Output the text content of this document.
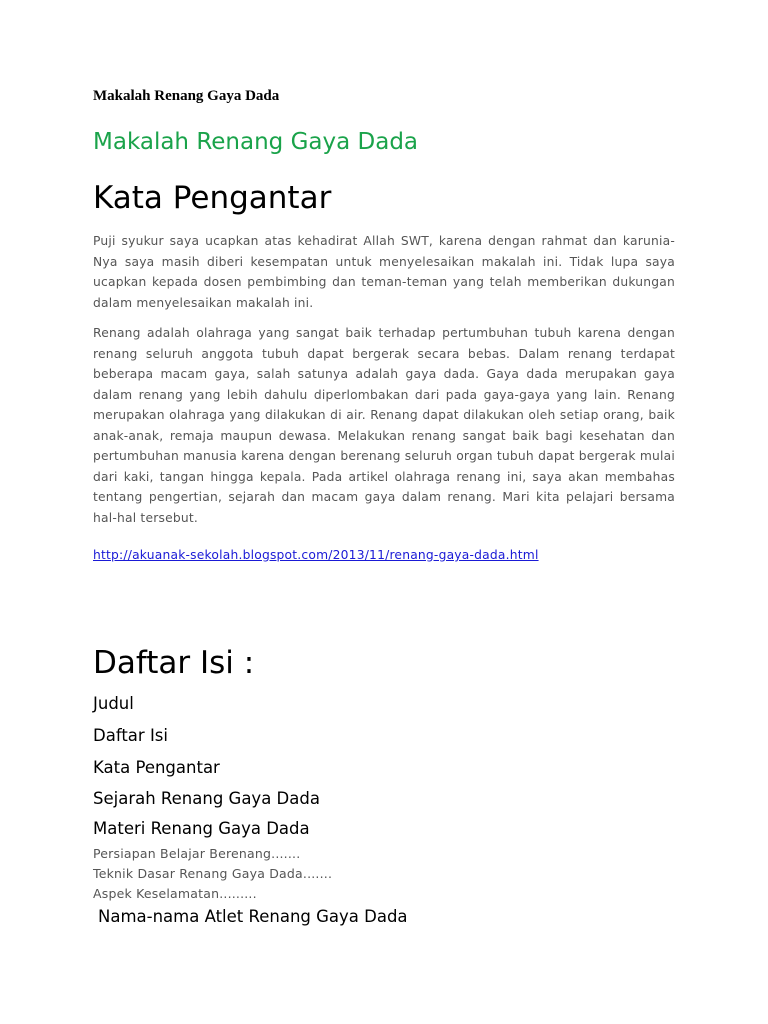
Makalah Renang Gaya Dada
Makalah Renang Gaya Dada
Kata Pengantar
Puji syukur saya ucapkan atas kehadirat Allah SWT, karena dengan rahmat dan karunia-Nya saya masih diberi kesempatan untuk menyelesaikan makalah ini. Tidak lupa saya ucapkan kepada dosen pembimbing dan teman-teman yang telah memberikan dukungan dalam menyelesaikan makalah ini.
Renang adalah olahraga yang sangat baik terhadap pertumbuhan tubuh karena dengan renang seluruh anggota tubuh dapat bergerak secara bebas. Dalam renang terdapat beberapa macam gaya, salah satunya adalah gaya dada. Gaya dada merupakan gaya dalam renang yang lebih dahulu diperlombakan dari pada gaya-gaya yang lain. Renang merupakan olahraga yang dilakukan di air. Renang dapat dilakukan oleh setiap orang, baik anak-anak, remaja maupun dewasa. Melakukan renang sangat baik bagi kesehatan dan pertumbuhan manusia karena dengan berenang seluruh organ tubuh dapat bergerak mulai dari kaki, tangan hingga kepala. Pada artikel olahraga renang ini, saya akan membahas tentang pengertian, sejarah dan macam gaya dalam renang. Mari kita pelajari bersama hal-hal tersebut.
http://akuanak-sekolah.blogspot.com/2013/11/renang-gaya-dada.html
Daftar Isi :
Judul
Daftar Isi
Kata Pengantar
Sejarah Renang Gaya Dada
Materi Renang Gaya Dada
Persiapan Belajar Berenang.......
Teknik Dasar Renang Gaya Dada.......
Aspek Keselamatan.........
Nama-nama Atlet Renang Gaya Dada
